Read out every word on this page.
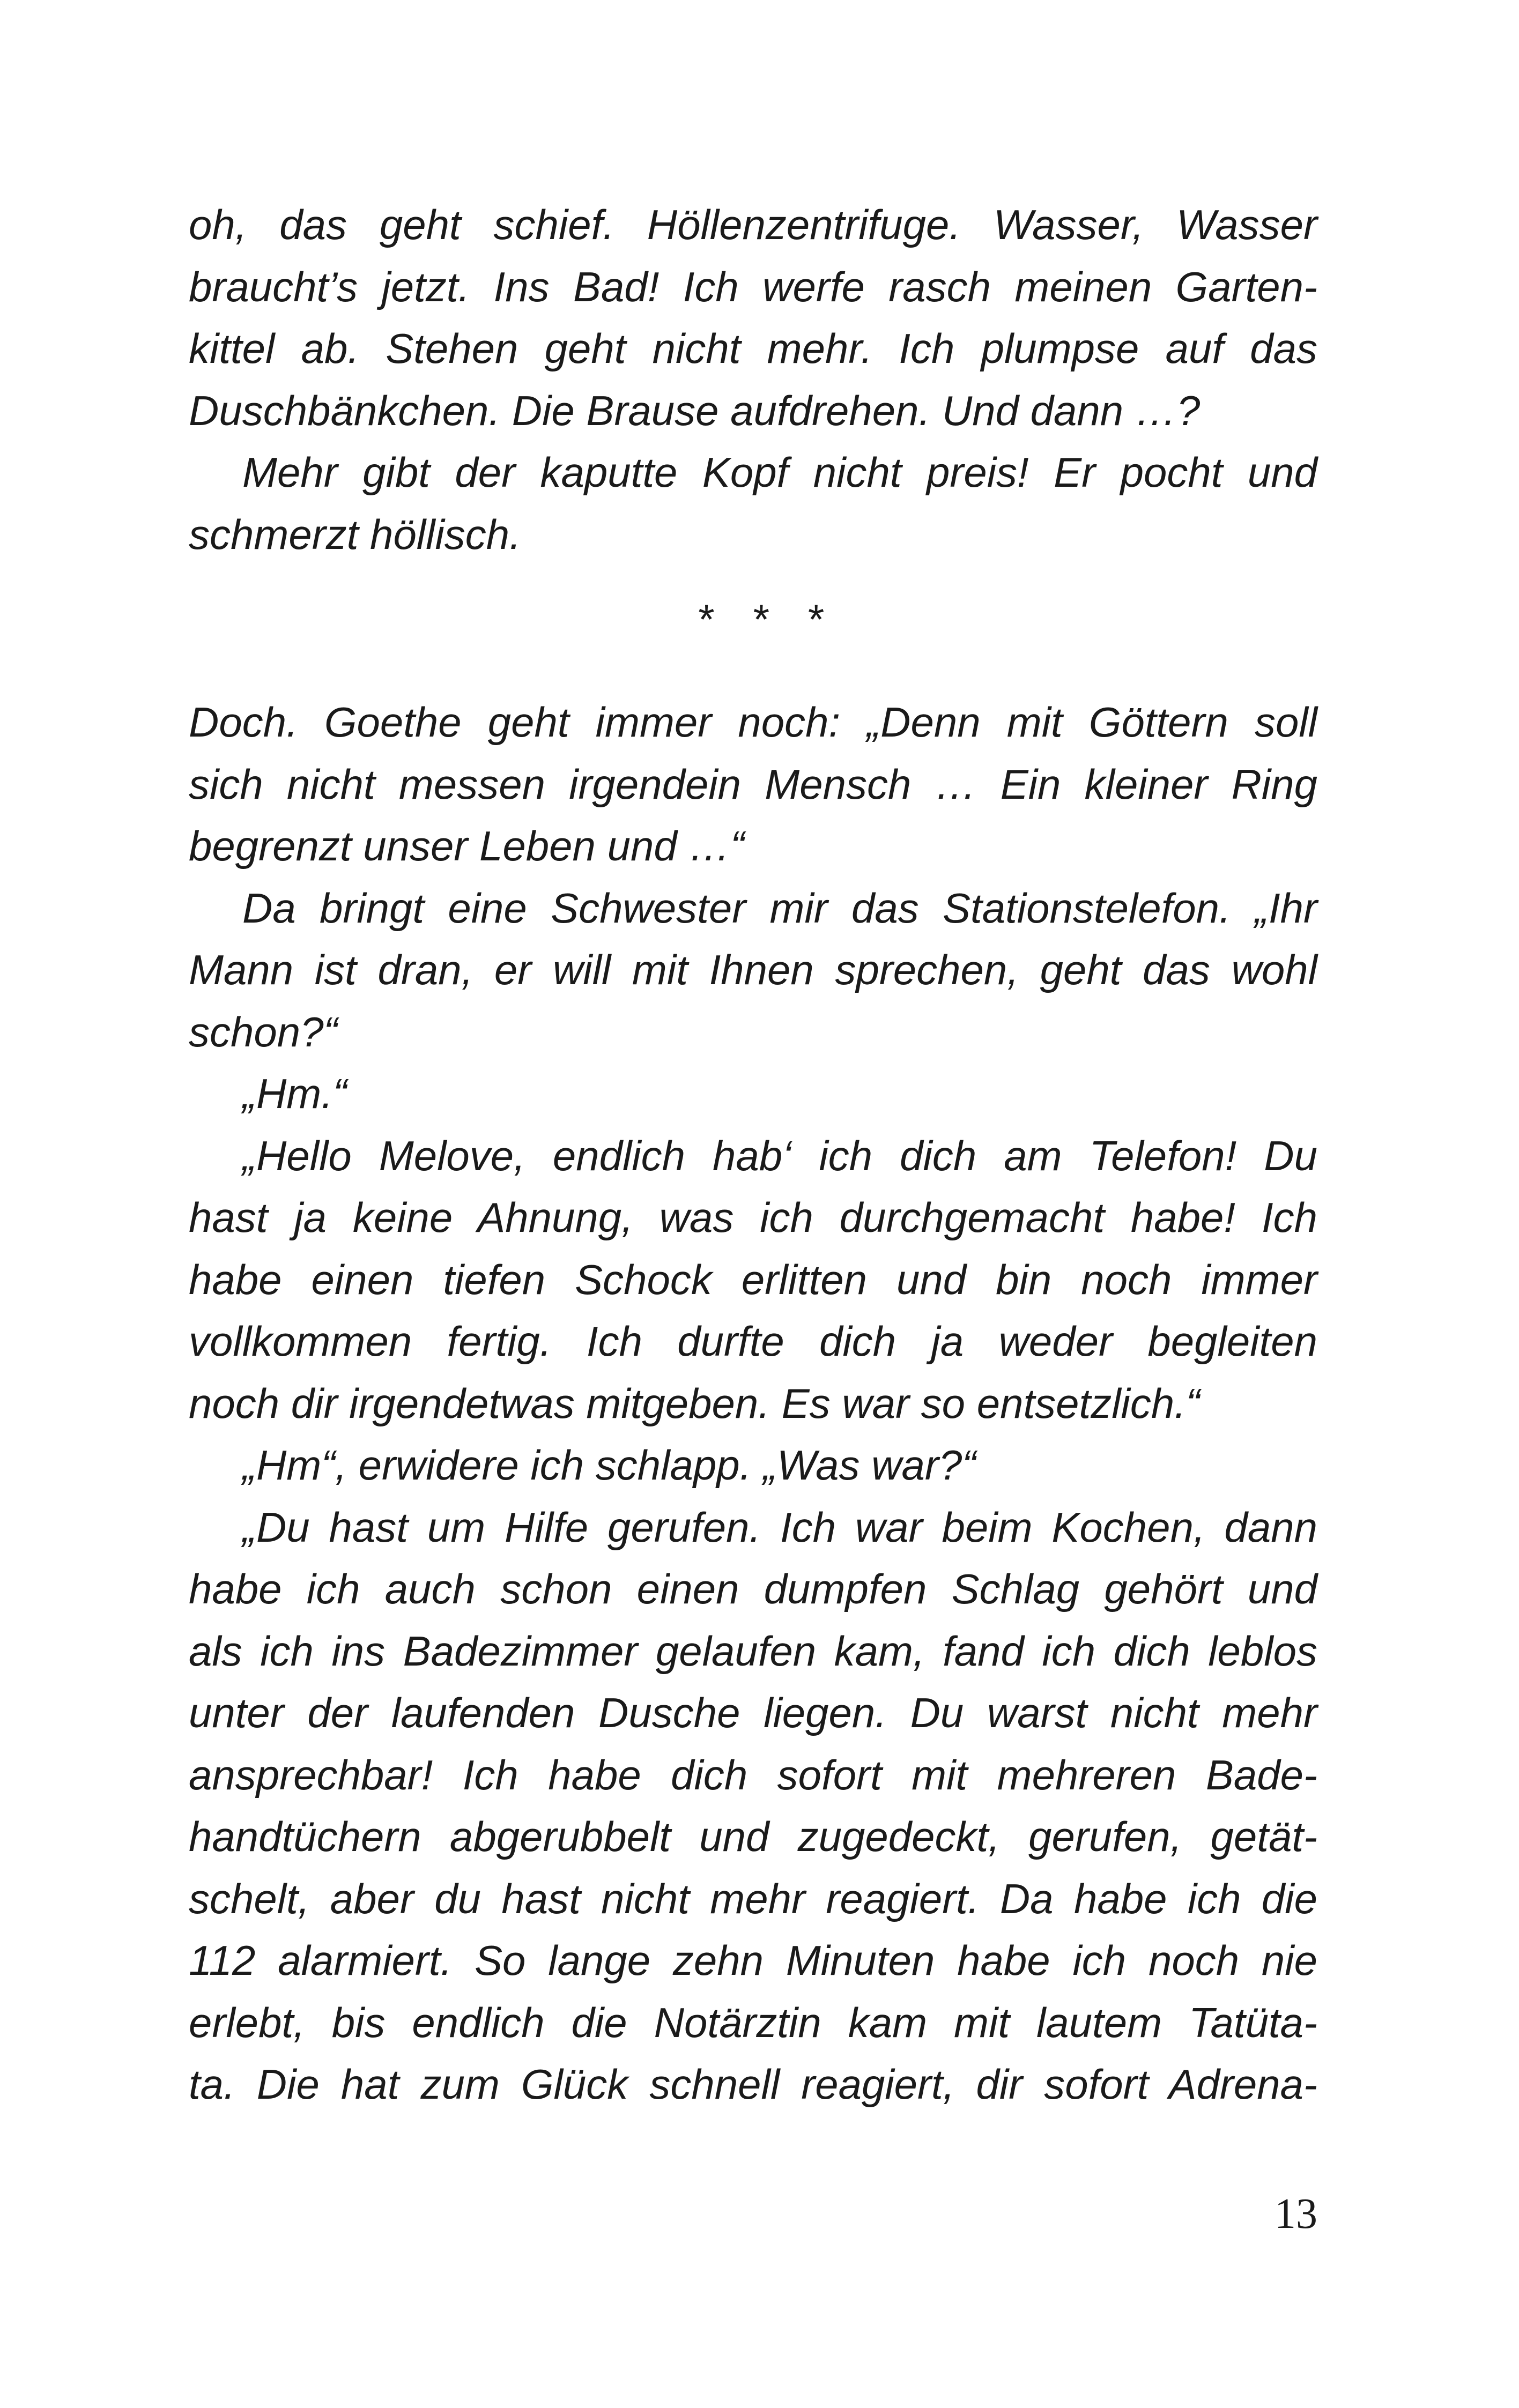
oh, das geht schief. Höllenzentrifuge. Wasser, Wasser
braucht’s jetzt. Ins Bad! Ich werfe rasch meinen Garten-
kittel ab. Stehen geht nicht mehr. Ich plumpse auf das
Duschbänkchen. Die Brause aufdrehen. Und dann …?
Mehr gibt der kaputte Kopf nicht preis! Er pocht und
schmerzt höllisch.
* * *
Doch. Goethe geht immer noch: „Denn mit Göttern soll
sich nicht messen irgendein Mensch … Ein kleiner Ring
begrenzt unser Leben und …“
Da bringt eine Schwester mir das Stationstelefon. „Ihr
Mann ist dran, er will mit Ihnen sprechen, geht das wohl
schon?“
„Hm.“
„Hello Melove, endlich hab‘ ich dich am Telefon! Du
hast ja keine Ahnung, was ich durchgemacht habe! Ich
habe einen tiefen Schock erlitten und bin noch immer
vollkommen fertig. Ich durfte dich ja weder begleiten
noch dir irgendetwas mitgeben. Es war so entsetzlich.“
„Hm“, erwidere ich schlapp. „Was war?“
„Du hast um Hilfe gerufen. Ich war beim Kochen, dann
habe ich auch schon einen dumpfen Schlag gehört und
als ich ins Badezimmer gelaufen kam, fand ich dich leblos
unter der laufenden Dusche liegen. Du warst nicht mehr
ansprechbar! Ich habe dich sofort mit mehreren Bade-
handtüchern abgerubbelt und zugedeckt, gerufen, getät-
schelt, aber du hast nicht mehr reagiert. Da habe ich die
112 alarmiert. So lange zehn Minuten habe ich noch nie
erlebt, bis endlich die Notärztin kam mit lautem Tatüta-
ta. Die hat zum Glück schnell reagiert, dir sofort Adrena-
13
